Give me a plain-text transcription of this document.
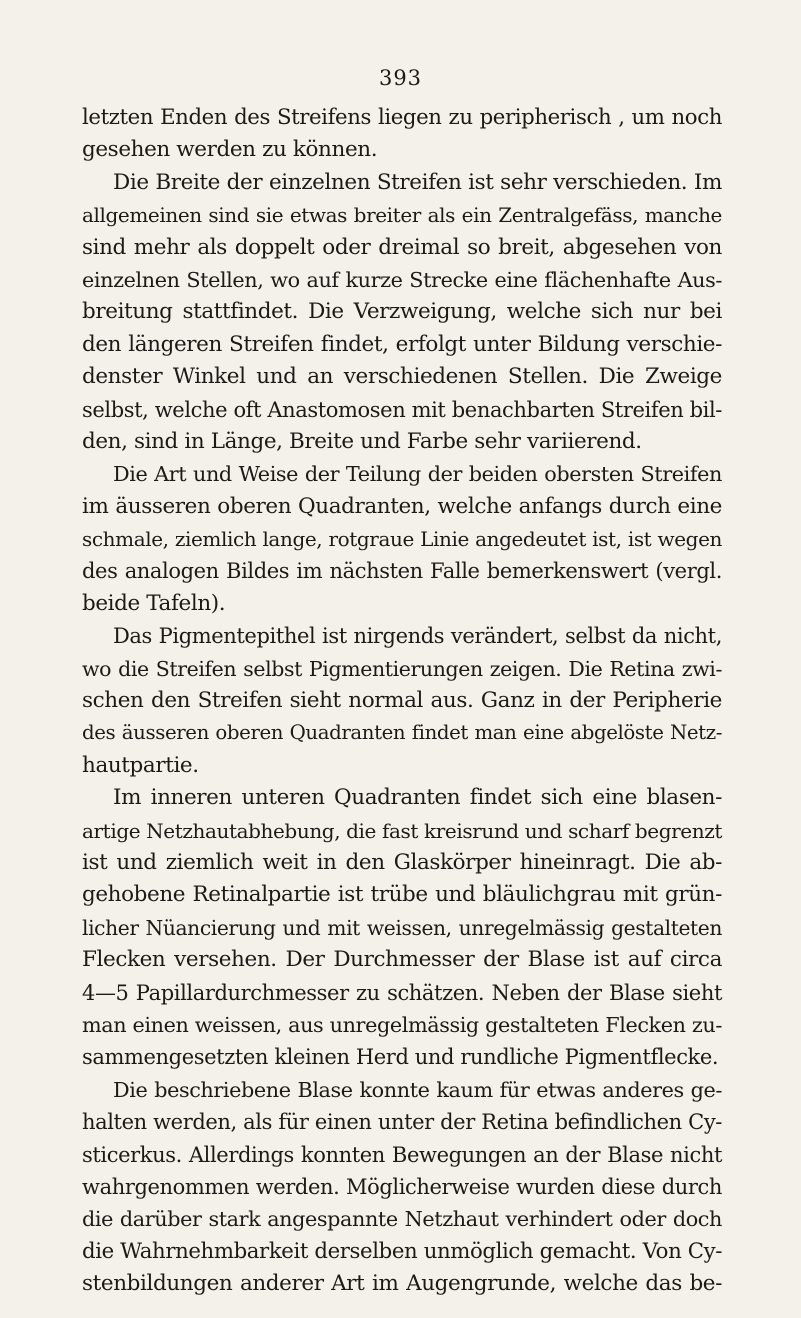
393
letzten Enden des Streifens liegen zu peripherisch , um noch
gesehen werden zu können.
Die Breite der einzelnen Streifen ist sehr verschieden. Im
allgemeinen sind sie etwas breiter als ein Zentralgefäss, manche
sind mehr als doppelt oder dreimal so breit, abgesehen von
einzelnen Stellen, wo auf kurze Strecke eine flächenhafte Aus-
breitung stattfindet. Die Verzweigung, welche sich nur bei
den längeren Streifen findet, erfolgt unter Bildung verschie-
denster Winkel und an verschiedenen Stellen. Die Zweige
selbst, welche oft Anastomosen mit benachbarten Streifen bil-
den, sind in Länge, Breite und Farbe sehr variierend.
Die Art und Weise der Teilung der beiden obersten Streifen
im äusseren oberen Quadranten, welche anfangs durch eine
schmale, ziemlich lange, rotgraue Linie angedeutet ist, ist wegen
des analogen Bildes im nächsten Falle bemerkenswert (vergl.
beide Tafeln).
Das Pigmentepithel ist nirgends verändert, selbst da nicht,
wo die Streifen selbst Pigmentierungen zeigen. Die Retina zwi-
schen den Streifen sieht normal aus. Ganz in der Peripherie
des äusseren oberen Quadranten findet man eine abgelöste Netz-
hautpartie.
Im inneren unteren Quadranten findet sich eine blasen-
artige Netzhautabhebung, die fast kreisrund und scharf begrenzt
ist und ziemlich weit in den Glaskörper hineinragt. Die ab-
gehobene Retinalpartie ist trübe und bläulichgrau mit grün-
licher Nüancierung und mit weissen, unregelmässig gestalteten
Flecken versehen. Der Durchmesser der Blase ist auf circa
4—5 Papillardurchmesser zu schätzen. Neben der Blase sieht
man einen weissen, aus unregelmässig gestalteten Flecken zu-
sammengesetzten kleinen Herd und rundliche Pigmentflecke.
Die beschriebene Blase konnte kaum für etwas anderes ge-
halten werden, als für einen unter der Retina befindlichen Cy-
sticerkus. Allerdings konnten Bewegungen an der Blase nicht
wahrgenommen werden. Möglicherweise wurden diese durch
die darüber stark angespannte Netzhaut verhindert oder doch
die Wahrnehmbarkeit derselben unmöglich gemacht. Von Cy-
stenbildungen anderer Art im Augengrunde, welche das be-
